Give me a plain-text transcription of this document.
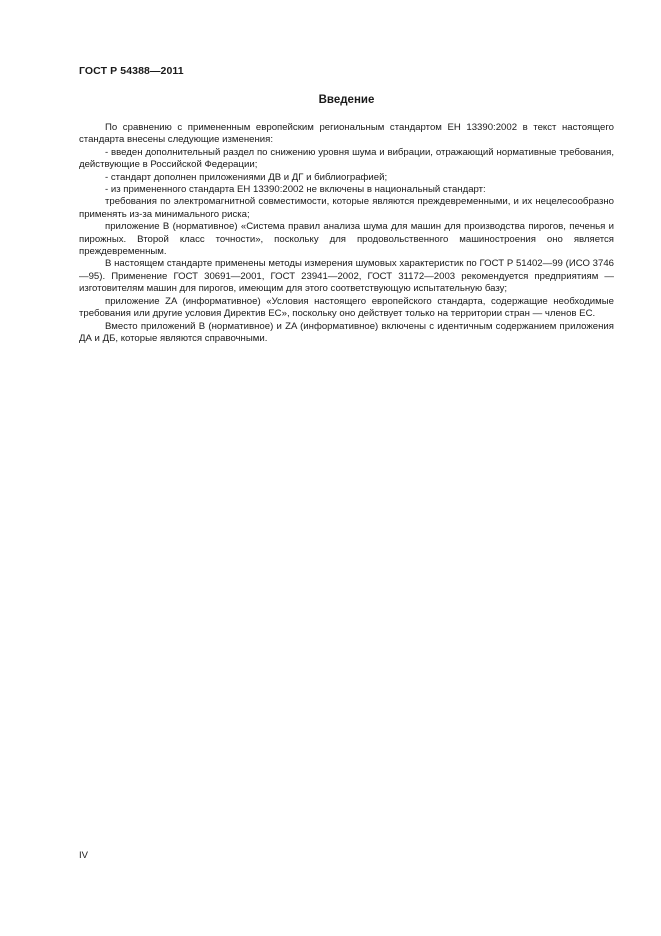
ГОСТ Р 54388—2011
Введение

По сравнению с примененным европейским региональным стандартом ЕН 13390:2002 в текст настоящего стандарта внесены следующие изменения:

- введен дополнительный раздел по снижению уровня шума и вибрации, отражающий нормативные требования, действующие в Российской Федерации;

- стандарт дополнен приложениями ДВ и ДГ и библиографией;

- из примененного стандарта ЕН 13390:2002 не включены в национальный стандарт:

требования по электромагнитной совместимости, которые являются преждевременными, и их нецелесообразно применять из-за минимального риска;

приложение В (нормативное) «Система правил анализа шума для машин для производства пирогов, печенья и пирожных. Второй класс точности», поскольку для продовольственного машиностроения оно является преждевременным.

В настоящем стандарте применены методы измерения шумовых характеристик по ГОСТ Р 51402—99 (ИСО 3746—95). Применение ГОСТ 30691—2001, ГОСТ 23941—2002, ГОСТ 31172—2003 рекомендуется предприятиям — изготовителям машин для пирогов, имеющим для этого соответствующую испытательную базу;

приложение ZA (информативное) «Условия настоящего европейского стандарта, содержащие необходимые требования или другие условия Директив ЕС», поскольку оно действует только на территории стран — членов ЕС.

Вместо приложений В (нормативное) и ZA (информативное) включены с идентичным содержанием приложения ДА и ДБ, которые являются справочными.

IV
